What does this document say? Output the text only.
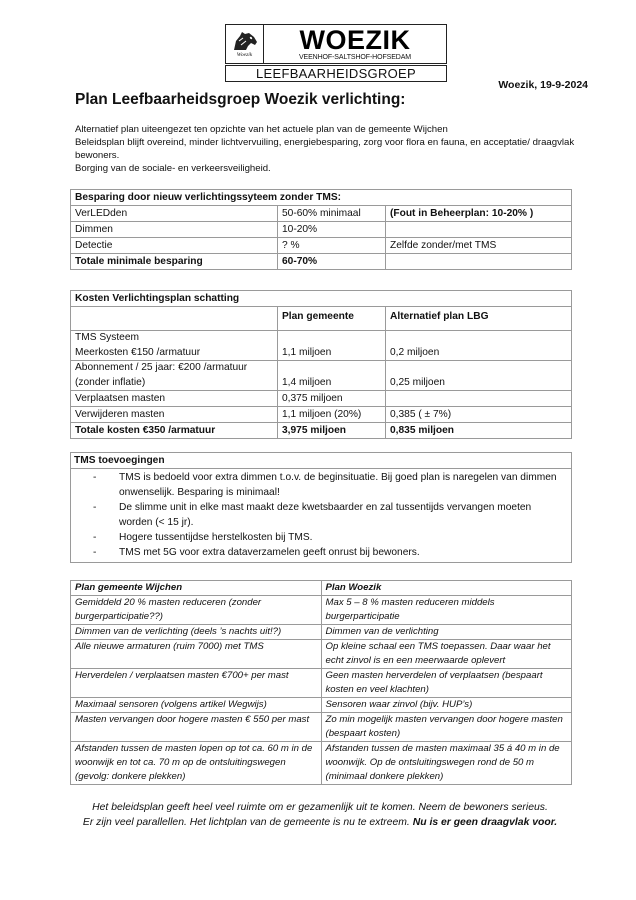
Woezik
WOEZIK
VEENHOF-SALTSHOF-HOFSEDAM
LEEFBAARHEIDSGROEP
Woezik, 19-9-2024
Plan Leefbaarheidsgroep Woezik verlichting:
Alternatief plan uiteengezet ten opzichte van het actuele plan van de gemeente Wijchen
Beleidsplan blijft overeind, minder lichtvervuiling, energiebesparing, zorg voor flora en fauna, en acceptatie/ draagvlak bewoners.
Borging van de sociale- en verkeersveiligheid.
Besparing door nieuw verlichtingssyteem zonder TMS:		
VerLEDden	50-60% minimaal	(Fout in Beheerplan: 10-20% )
Dimmen	10-20%	
Detectie	? %	Zelfde zonder/met TMS
Totale minimale besparing	60-70%	
Kosten Verlichtingsplan schatting		
	Plan gemeente	Alternatief plan LBG

TMS Systeem
Meerkosten €150 /armatuur	1,1 miljoen	0,2 miljoen

Abonnement / 25 jaar: €200 /armatuur
(zonder inflatie)	1,4 miljoen	0,25 miljoen
Verplaatsen masten	0,375 miljoen	
Verwijderen masten	1,1 miljoen (20%)	0,385 ( ± 7%)
Totale kosten €350 /armatuur	3,975 miljoen	0,835 miljoen
TMS toevoegingen
- TMS is bedoeld voor extra dimmen t.o.v. de beginsituatie. Bij goed plan is naregelen van dimmen onwenselijk. Besparing is minimaal!
- De slimme unit in elke mast maakt deze kwetsbaarder en zal tussentijds vervangen moeten worden (< 15 jr).
- Hogere tussentijdse herstelkosten bij TMS.
- TMS met 5G voor extra dataverzamelen geeft onrust bij bewoners.
Plan gemeente Wijchen	Plan Woezik
Gemiddeld 20 % masten reduceren (zonder burgerparticipatie??)	Max 5 – 8 % masten reduceren middels burgerparticipatie
Dimmen van de verlichting (deels ’s nachts uit!?)	Dimmen van de verlichting
Alle nieuwe armaturen (ruim 7000) met TMS	Op kleine schaal een TMS toepassen. Daar waar het echt zinvol is en een meerwaarde oplevert
Herverdelen / verplaatsen masten €700+ per mast	Geen masten herverdelen of verplaatsen (bespaart kosten en veel klachten)
Maximaal sensoren (volgens artikel Wegwijs)	Sensoren waar zinvol (bijv. HUP’s)
Masten vervangen door hogere masten € 550 per mast	Zo min mogelijk masten vervangen door hogere masten (bespaart kosten)
Afstanden tussen de masten lopen op tot ca. 60 m in de woonwijk en tot ca. 70 m op de ontsluitingswegen (gevolg: donkere plekken)	Afstanden tussen de masten maximaal 35 á 40 m in de woonwijk. Op de ontsluitingswegen rond de 50 m (minimaal donkere plekken)
Het beleidsplan geeft heel veel ruimte om er gezamenlijk uit te komen. Neem de bewoners serieus.
Er zijn veel parallellen. Het lichtplan van de gemeente is nu te extreem. Nu is er geen draagvlak voor.
